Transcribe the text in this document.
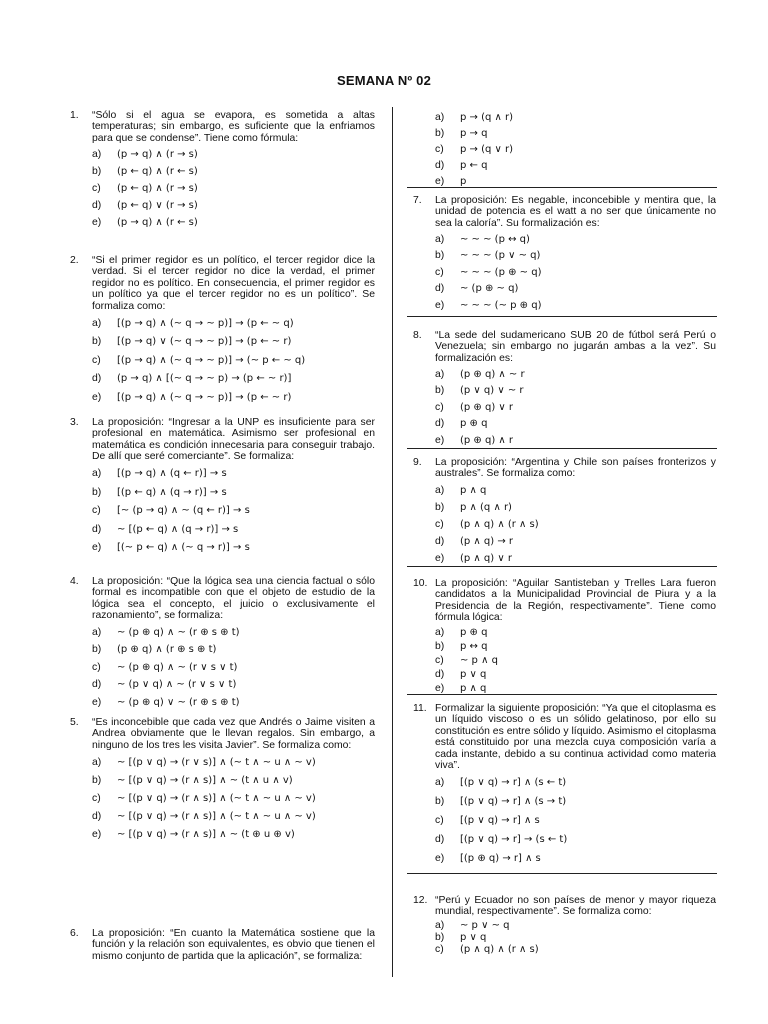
SEMANA Nº 02
1. “Sólo si el agua se evapora, es sometida a altas temperaturas; sin embargo, es suficiente que la enfriamos para que se condense”. Tiene como fórmula:
a)	(p → q) ∧ (r → s)
b)	(p ← q) ∧ (r ← s)
c)	(p ← q) ∧ (r → s)
d)	(p ← q) ∨ (r → s)
e)	(p → q) ∧ (r ← s)
2. “Si el primer regidor es un político, el tercer regidor dice la verdad. Si el tercer regidor no dice la verdad, el primer regidor no es político. En consecuencia, el primer regidor es un político ya que el tercer regidor no es un político”. Se formaliza como:
a)	[(p → q) ∧ (~ q → ~ p)] → (p ← ~ q)
b)	[(p → q) ∨ (~ q → ~ p)] → (p ← ~ r)
c)	[(p → q) ∧ (~ q → ~ p)] → (~ p ← ~ q)
d)	(p → q) ∧ [(~ q → ~ p) → (p ← ~ r)]
e)	[(p → q) ∧ (~ q → ~ p)] → (p ← ~ r)
3. La proposición: “Ingresar a la UNP es insuficiente para ser profesional en matemática. Asimismo ser profesional en matemática es condición innecesaria para conseguir trabajo. De allí que seré comerciante”. Se formaliza:
a)	[(p → q) ∧ (q ← r)] → s
b)	[(p ← q) ∧ (q → r)] → s
c)	[~ (p → q) ∧ ~ (q ← r)] → s
d)	~ [(p ← q) ∧ (q → r)] → s
e)	[(~ p ← q) ∧ (~ q → r)] → s
4. La proposición: “Que la lógica sea una ciencia factual o sólo formal es incompatible con que el objeto de estudio de la lógica sea el concepto, el juicio o exclusivamente el razonamiento”, se formaliza:
a)	~ (p ⊕ q) ∧ ~ (r ⊕ s ⊕ t)
b)	(p ⊕ q) ∧ (r ⊕ s ⊕ t)
c)	~ (p ⊕ q) ∧ ~ (r ∨ s ∨ t)
d)	~ (p ∨ q) ∧ ~ (r ∨ s ∨ t)
e)	~ (p ⊕ q) ∨ ~ (r ⊕ s ⊕ t)
5. “Es inconcebible que cada vez que Andrés o Jaime visiten a Andrea obviamente que le llevan regalos. Sin embargo, a ninguno de los tres les visita Javier”. Se formaliza como:
a)	~ [(p ∨ q) → (r ∨ s)] ∧ (~ t ∧ ~ u ∧ ~ v)
b)	~ [(p ∨ q) → (r ∧ s)] ∧ ~ (t ∧ u ∧ v)
c)	~ [(p ∨ q) → (r ∧ s)] ∧ (~ t ∧ ~ u ∧ ~ v)
d)	~ [(p ∨ q) → (r ∧ s)] ∧ (~ t ∧ ~ u ∧ ~ v)
e)	~ [(p ∨ q) → (r ∧ s)] ∧ ~ (t ⊕ u ⊕ v)
6. La proposición: “En cuanto la Matemática sostiene que la función y la relación son equivalentes, es obvio que tienen el mismo conjunto de partida que la aplicación”, se formaliza:
a)	p → (q ∧ r)
b)	p → q
c)	p → (q ∨ r)
d)	p ← q
e)	p
7. La proposición: Es negable, inconcebible y mentira que, la unidad de potencia es el watt a no ser que únicamente no sea la caloría”. Su formalización es:
a)	~ ~ ~ (p ↔ q)
b)	~ ~ ~ (p ∨ ~ q)
c)	~ ~ ~ (p ⊕ ~ q)
d)	~ (p ⊕ ~ q)
e)	~ ~ ~ (~ p ⊕ q)
8. “La sede del sudamericano SUB 20 de fútbol será Perú o Venezuela; sin embargo no jugarán ambas a la vez”. Su formalización es:
a)	(p ⊕ q) ∧ ~ r
b)	(p ∨ q) ∨ ~ r
c)	(p ⊕ q) ∨ r
d)	p ⊕ q
e)	(p ⊕ q) ∧ r
9. La proposición: “Argentina y Chile son países fronterizos y australes”. Se formaliza como:
a)	p ∧ q
b)	p ∧ (q ∧ r)
c)	(p ∧ q) ∧ (r ∧ s)
d)	(p ∧ q) → r
e)	(p ∧ q) ∨ r
10. La proposición: “Aguilar Santisteban y Trelles Lara fueron candidatos a la Municipalidad Provincial de Piura y a la Presidencia de la Región, respectivamente”. Tiene como fórmula lógica:
a)	p ⊕ q
b)	p ↔ q
c)	~ p ∧ q
d)	p ∨ q
e)	p ∧ q
11. Formalizar la siguiente proposición: “Ya que el citoplasma es un líquido viscoso o es un sólido gelatinoso, por ello su constitución es entre sólido y líquido. Asimismo el citoplasma está constituido por una mezcla cuya composición varía a cada instante, debido a su continua actividad como materia viva”.
a)	[(p ∨ q) → r] ∧ (s ← t)
b)	[(p ∨ q) → r] ∧ (s → t)
c)	[(p ∨ q) → r] ∧ s
d)	[(p ∨ q) → r] → (s ← t)
e)	[(p ⊕ q) → r] ∧ s
12. “Perú y Ecuador no son países de menor y mayor riqueza mundial, respectivamente”. Se formaliza como:
a)	~ p ∨ ~ q
b)	p ∨ q
c)	(p ∧ q) ∧ (r ∧ s)
